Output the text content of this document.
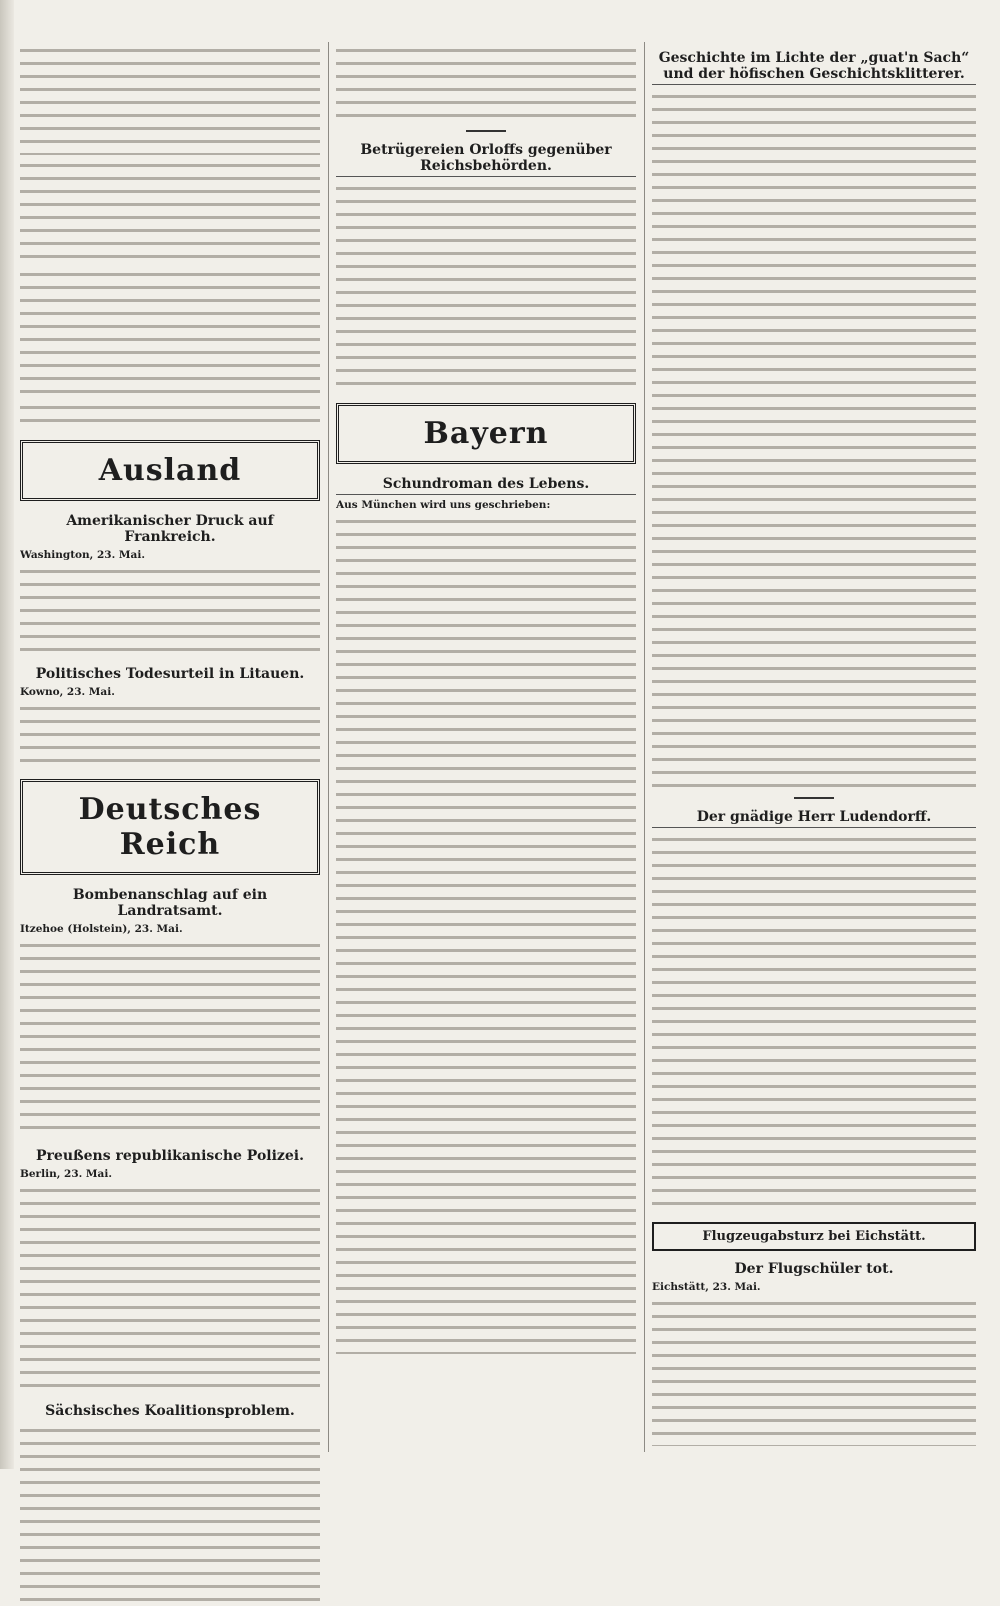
Ausland
Amerikanischer Druck auf Frankreich.
Washington, 23. Mai.
Politisches Todesurteil in Litauen.
Kowno, 23. Mai.
Deutsches Reich
Bombenanschlag auf ein Landratsamt.
Itzehoe (Holstein), 23. Mai.
Preußens republikanische Polizei.
Berlin, 23. Mai.
Sächsisches Koalitionsproblem.
Betrügereien Orloffs gegenüber Reichsbehörden.
Bayern
Schundroman des Lebens.
Aus München wird uns geschrieben:
Geschichte im Lichte der „guat'n Sach“ und der höfischen Geschichtsklitterer.
Der gnädige Herr Ludendorff.
Flugzeugabsturz bei Eichstätt.
Der Flugschüler tot.
Eichstätt, 23. Mai.
